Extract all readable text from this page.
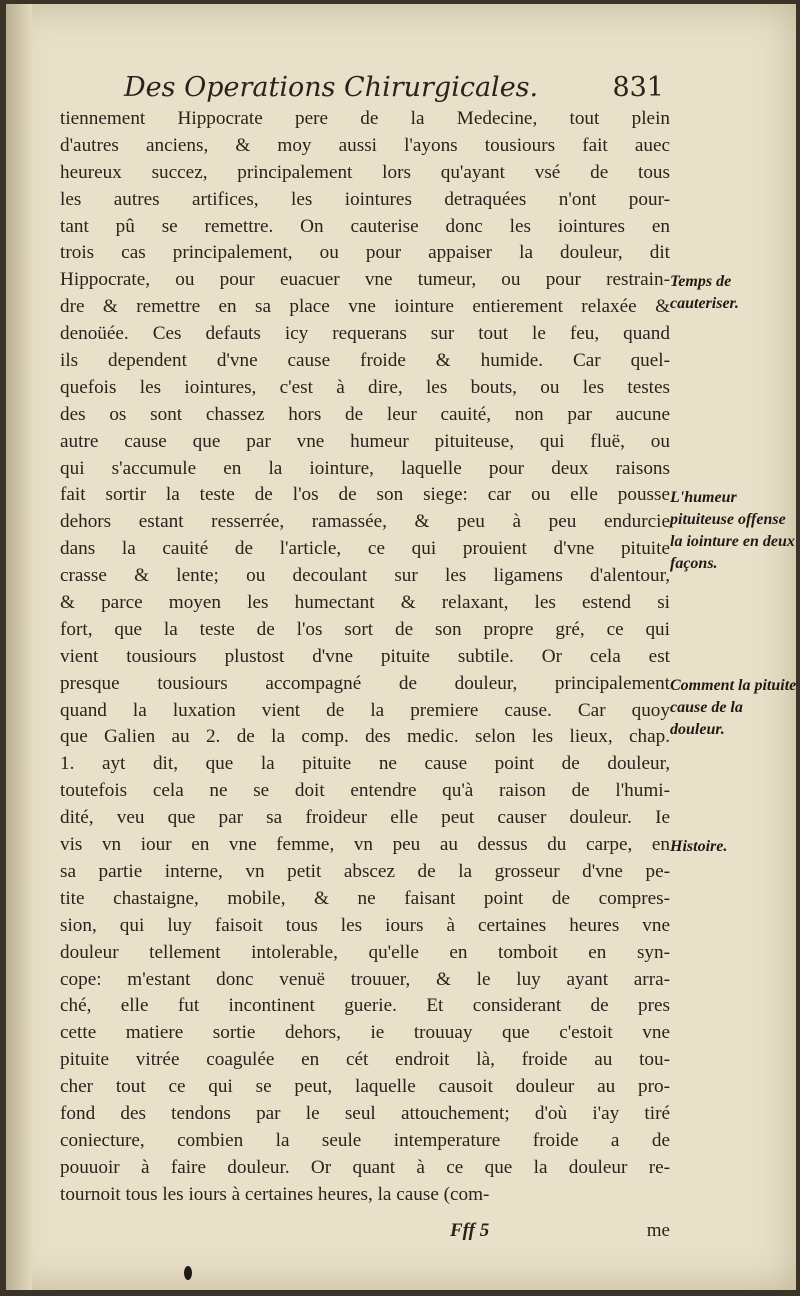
Des Operations Chirurgicales.	831
tiennement Hippocrate pere de la Medecine, tout plein
d'autres anciens, & moy aussi l'ayons tousiours fait auec
heureux succez, principalement lors qu'ayant vsé de tous
les autres artifices, les iointures detraquées n'ont pour-
tant pû se remettre. On cauterise donc les iointures en
trois cas principalement, ou pour appaiser la douleur, dit
Hippocrate, ou pour euacuer vne tumeur, ou pour restrain-
dre & remettre en sa place vne iointure entierement relaxée &
denoüée. Ces defauts icy requerans sur tout le feu, quand
ils dependent d'vne cause froide & humide. Car quel-
quefois les iointures, c'est à dire, les bouts, ou les testes
des os sont chassez hors de leur cauité, non par aucune
autre cause que par vne humeur pituiteuse, qui fluë, ou
qui s'accumule en la iointure, laquelle pour deux raisons
fait sortir la teste de l'os de son siege: car ou elle pousse
dehors estant resserrée, ramassée, & peu à peu endurcie
dans la cauité de l'article, ce qui prouient d'vne pituite
crasse & lente; ou decoulant sur les ligamens d'alentour,
& parce moyen les humectant & relaxant, les estend si
fort, que la teste de l'os sort de son propre gré, ce qui
vient tousiours plustost d'vne pituite subtile. Or cela est
presque tousiours accompagné de douleur, principalement
quand la luxation vient de la premiere cause. Car quoy
que Galien au 2. de la comp. des medic. selon les lieux, chap.
1. ayt dit, que la pituite ne cause point de douleur,
toutefois cela ne se doit entendre qu'à raison de l'humi-
dité, veu que par sa froideur elle peut causer douleur. Ie
vis vn iour en vne femme, vn peu au dessus du carpe, en
sa partie interne, vn petit abscez de la grosseur d'vne pe-
tite chastaigne, mobile, & ne faisant point de compres-
sion, qui luy faisoit tous les iours à certaines heures vne
douleur tellement intolerable, qu'elle en tomboit en syn-
cope: m'estant donc venuë trouuer, & le luy ayant arra-
ché, elle fut incontinent guerie. Et considerant de pres
cette matiere sortie dehors, ie trouuay que c'estoit vne
pituite vitrée coagulée en cét endroit là, froide au tou-
cher tout ce qui se peut, laquelle causoit douleur au pro-
fond des tendons par le seul attouchement; d'où i'ay tiré
coniecture, combien la seule intemperature froide a de
pouuoir à faire douleur. Or quant à ce que la douleur re-
tournoit tous les iours à certaines heures, la cause (com-
Temps de cauteriser.
L'humeur pituiteuse offense la iointure en deux façons.
Comment la pituite cause de la douleur.
Histoire.
Fff 5	me
